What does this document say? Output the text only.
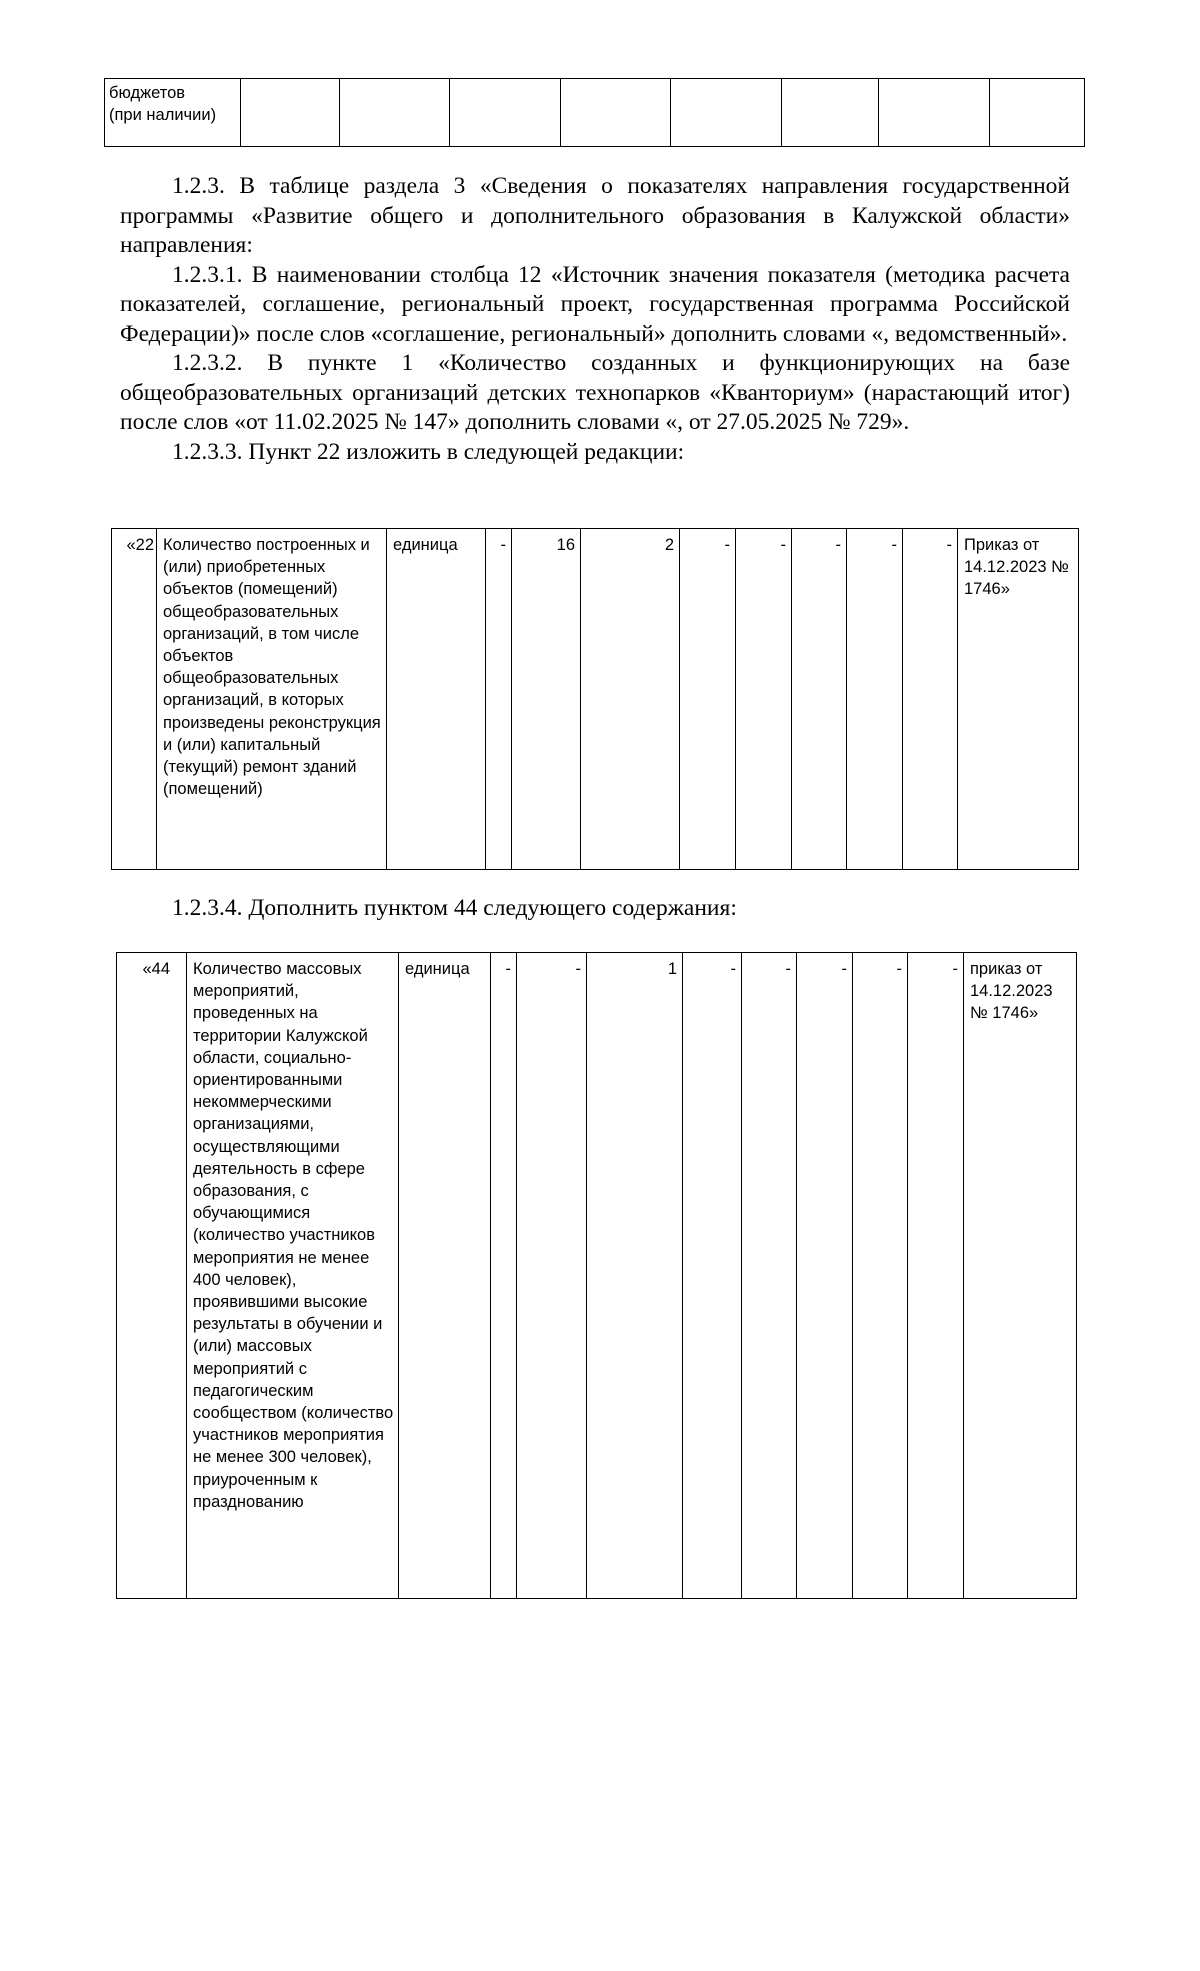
бюджетов
(при наличии)

1.2.3. В таблице раздела 3 «Сведения о показателях направления государственной программы «Развитие общего и дополнительного образования в Калужской области» направления:

1.2.3.1. В наименовании столбца 12 «Источник значения показателя (методика расчета показателей, соглашение, региональный проект, государственная программа Российской Федерации)» после слов «соглашение, региональный» дополнить словами «, ведомственный».

1.2.3.2. В пункте 1 «Количество созданных и функционирующих на базе общеобразовательных организаций детских технопарков «Кванториум» (нарастающий итог) после слов «от 11.02.2025 № 147» дополнить словами «, от 27.05.2025 № 729».

1.2.3.3. Пункт 22 изложить в следующей редакции:

«22	Количество построенных и (или) приобретенных объектов (помещений) общеобразовательных организаций, в том числе объектов общеобразовательных организаций, в которых произведены реконструкция и (или) капитальный (текущий) ремонт зданий (помещений)	единица	-	16	2	-	-	-	-	-	Приказ от 14.12.2023 № 1746»
1.2.3.4. Дополнить пунктом 44 следующего содержания:
«44	Количество массовых мероприятий, проведенных на территории Калужской области, социально-ориентированными некоммерческими организациями, осуществляющими деятельность в сфере образования, с обучающимися (количество участников мероприятия не менее 400 человек), проявившими высокие результаты в обучении и (или) массовых мероприятий с педагогическим сообществом (количество участников мероприятия не менее 300 человек), приуроченным к празднованию	единица	-	-	1	-	-	-	-	-	приказ от 14.12.2023 № 1746»
